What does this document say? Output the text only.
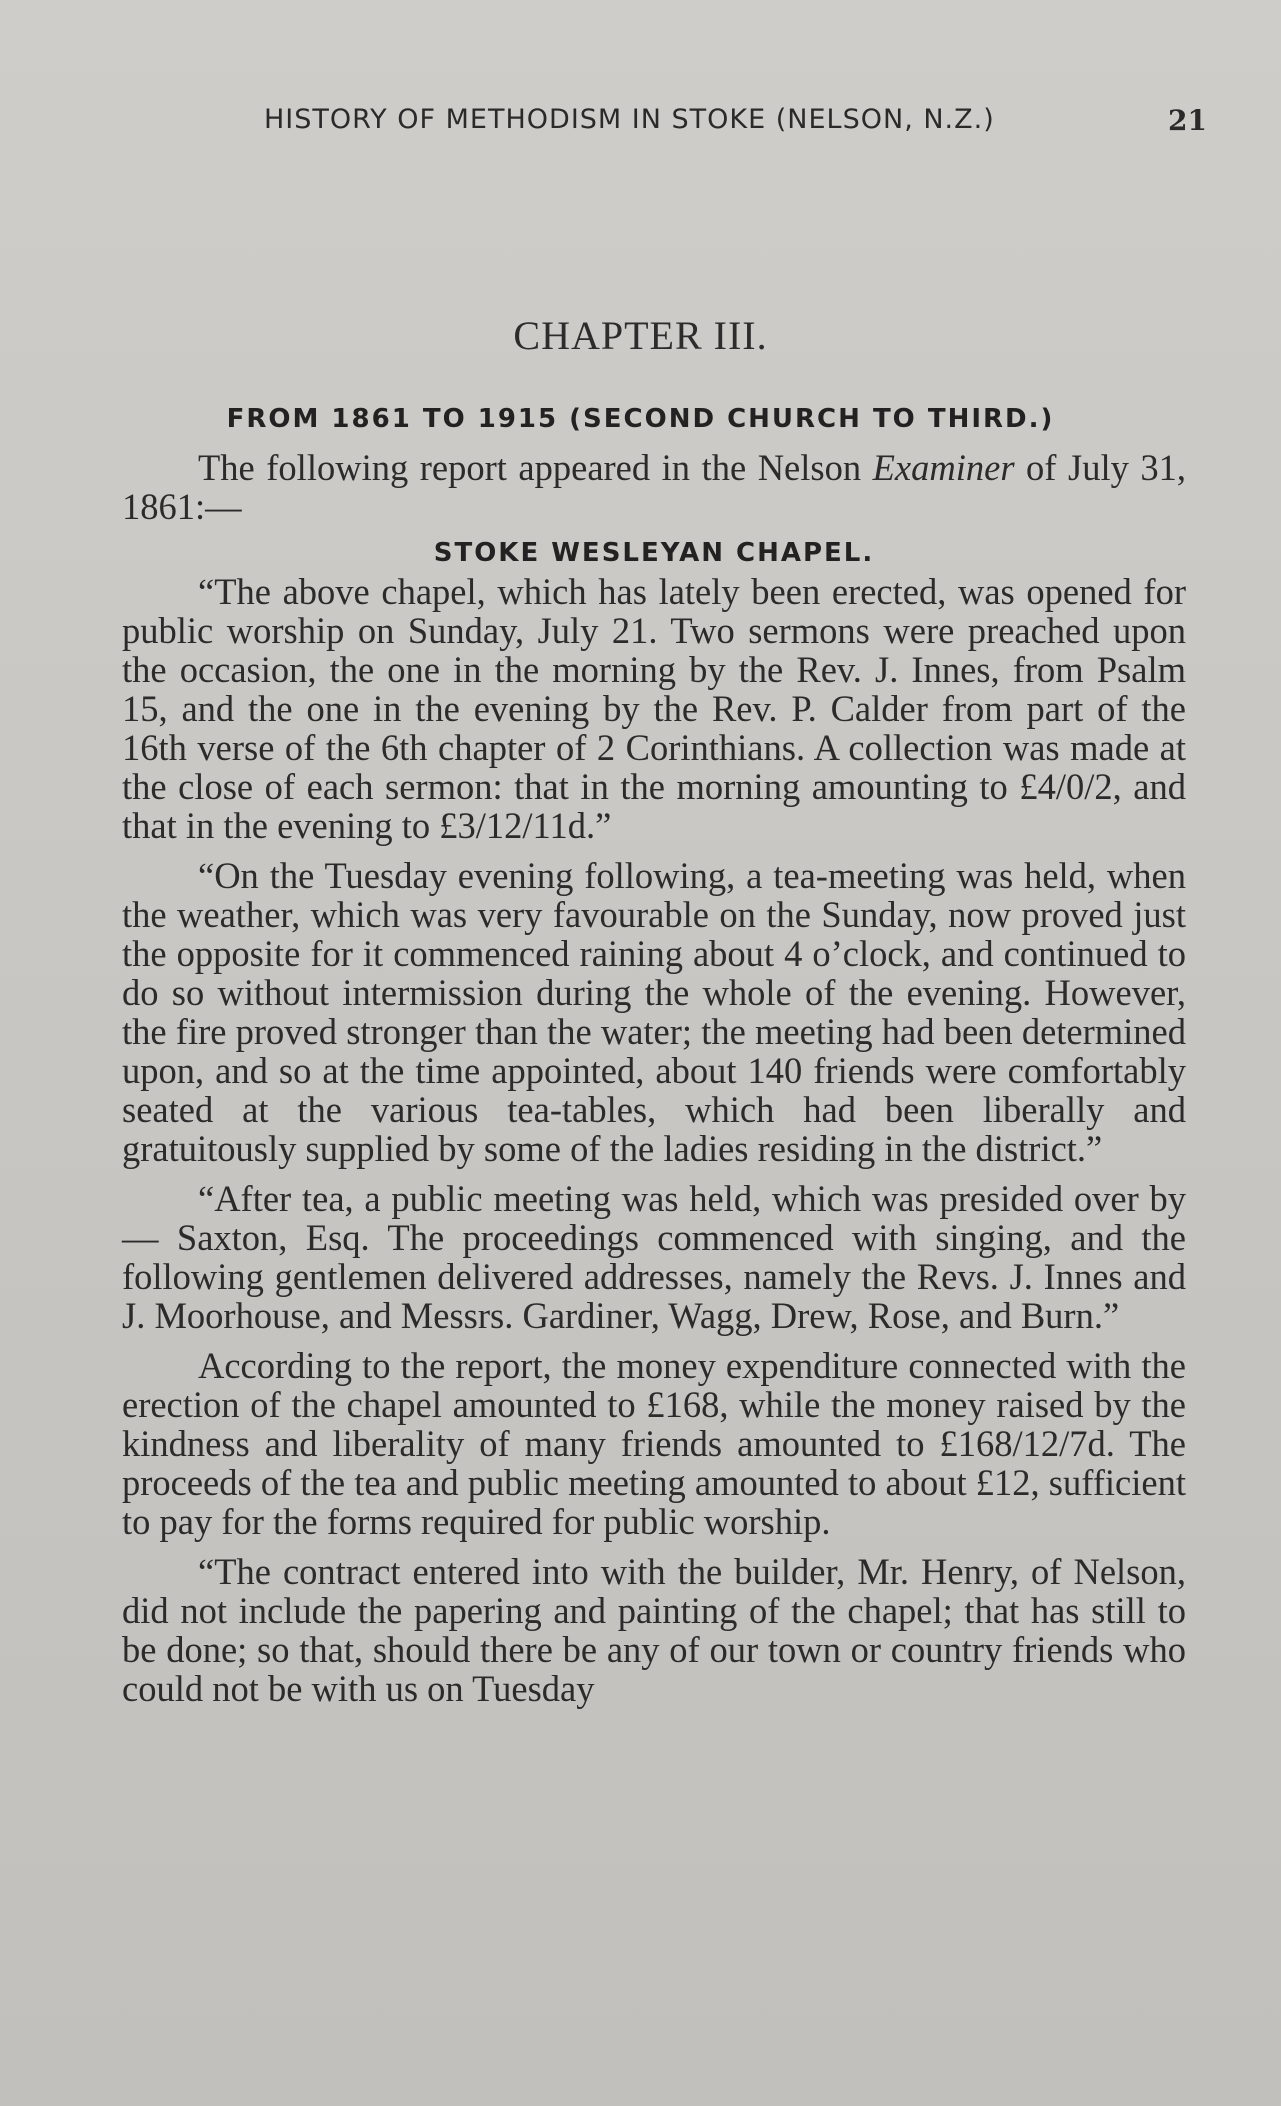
HISTORY OF METHODISM IN STOKE (NELSON, N.Z.)	21
CHAPTER III.
FROM 1861 TO 1915 (SECOND CHURCH TO THIRD.)

The following report appeared in the Nelson Examiner of July 31, 1861:—

STOKE WESLEYAN CHAPEL.

“The above chapel, which has lately been erected, was opened for public worship on Sunday, July 21. Two sermons were preached upon the occasion, the one in the morning by the Rev. J. Innes, from Psalm 15, and the one in the evening by the Rev. P. Calder from part of the 16th verse of the 6th chapter of 2 Corinthians. A collection was made at the close of each sermon: that in the morning amounting to £4/0/2, and that in the evening to £3/12/11d.”

“On the Tuesday evening following, a tea-meeting was held, when the weather, which was very favourable on the Sunday, now proved just the opposite for it commenced raining about 4 o’clock, and continued to do so without intermission during the whole of the evening. However, the fire proved stronger than the water; the meeting had been determined upon, and so at the time appointed, about 140 friends were comfortably seated at the various tea-tables, which had been liberally and gratuitously supplied by some of the ladies residing in the district.”

“After tea, a public meeting was held, which was presided over by — Saxton, Esq. The proceedings commenced with singing, and the following gentlemen delivered addresses, namely the Revs. J. Innes and J. Moorhouse, and Messrs. Gardiner, Wagg, Drew, Rose, and Burn.”

According to the report, the money expenditure connected with the erection of the chapel amounted to £168, while the money raised by the kindness and liberality of many friends amounted to £168/12/7d. The proceeds of the tea and public meeting amounted to about £12, sufficient to pay for the forms required for public worship.

“The contract entered into with the builder, Mr. Henry, of Nelson, did not include the papering and painting of the chapel; that has still to be done; so that, should there be any of our town or country friends who could not be with us on Tuesday
